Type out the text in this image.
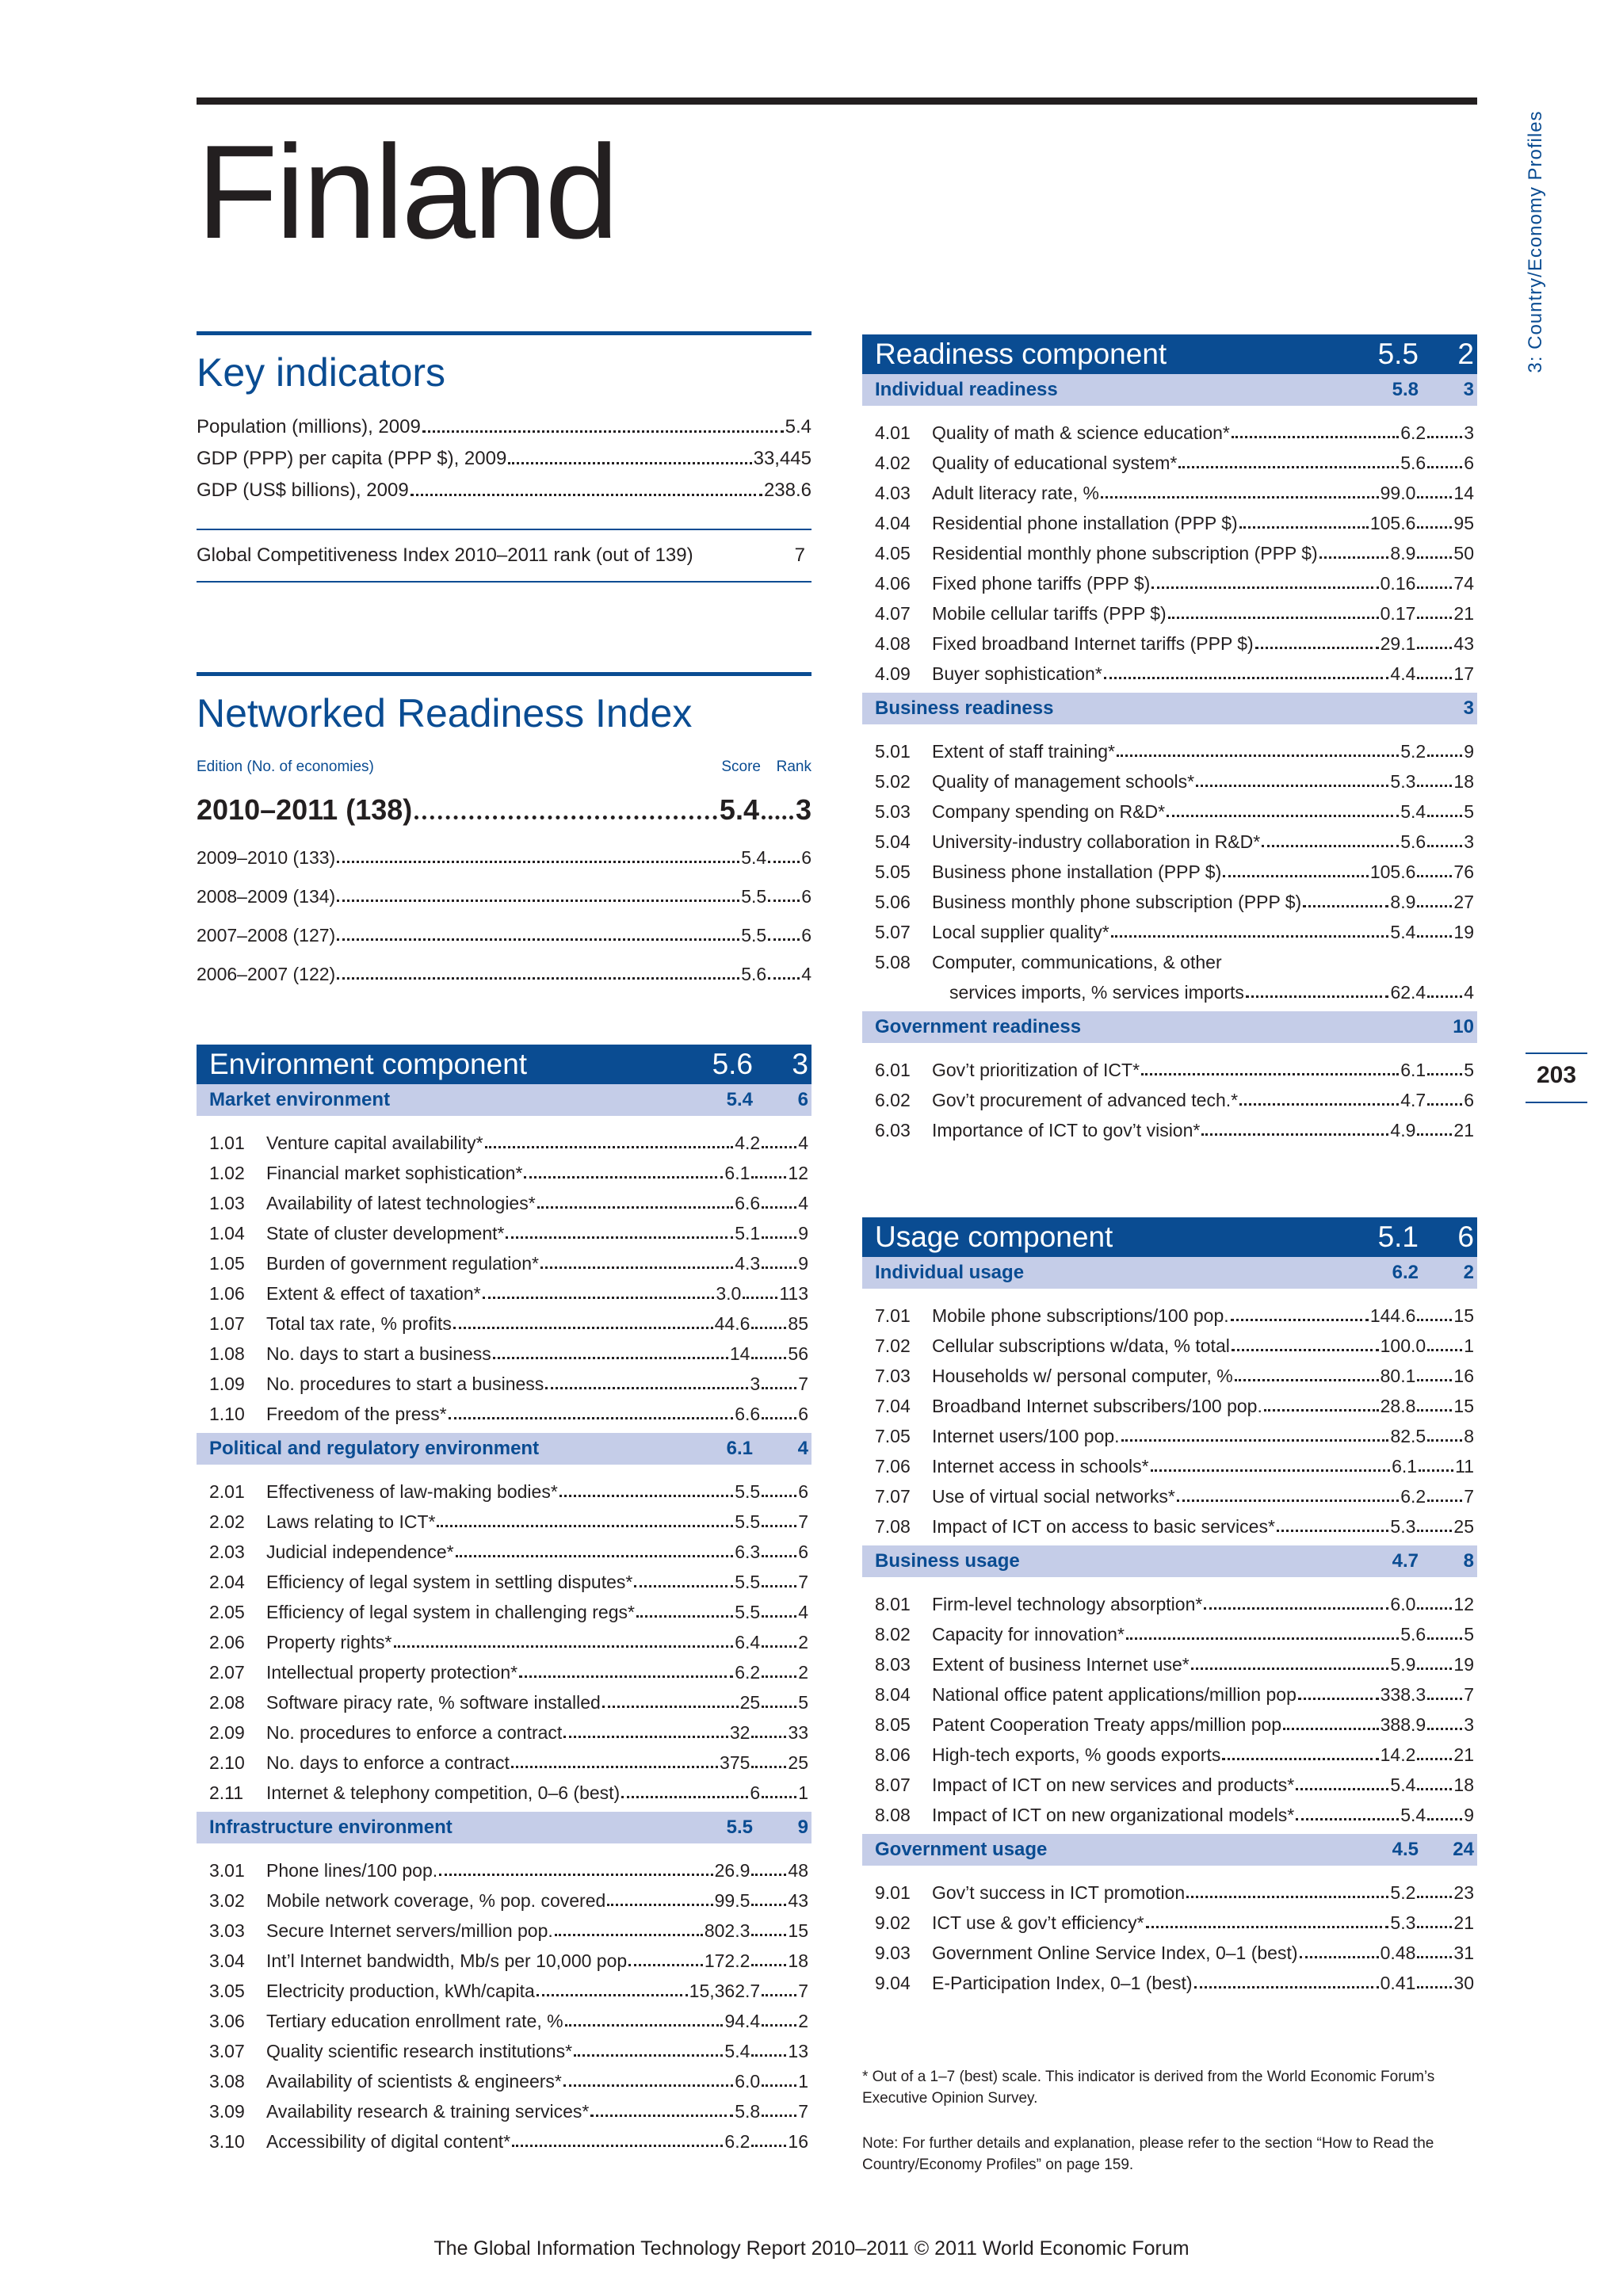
Finland	3: Country/Economy Profiles
203
Key indicators
Population (millions), 2009	5.4
GDP (PPP) per capita (PPP $), 2009	33,445
GDP (US$ billions), 2009	238.6
Global Competitiveness Index 2010–2011 rank (out of 139)	7
Networked Readiness Index
Edition (No. of economies)	Score	Rank
2010–2011 (138)	5.4 3
2009–2010 (133)	5.4 6
2008–2009 (134)	5.5 6
2007–2008 (127)	5.5 6
2006–2007 (122)	5.6 4
Environment component	5.6	3
Market environment	5.4	6
1.01	Venture capital availability*	4.2 4
1.02	Financial market sophistication*	6.1 12
1.03	Availability of latest technologies*	6.6 4
1.04	State of cluster development*	5.1 9
1.05	Burden of government regulation*	4.3 9
1.06	Extent & effect of taxation*	3.0 113
1.07	Total tax rate, % profits	44.6 85
1.08	No. days to start a business	14 56
1.09	No. procedures to start a business	3 7
1.10	Freedom of the press*	6.6 6
Political and regulatory environment	6.1	4
2.01	Effectiveness of law-making bodies*	5.5 6
2.02	Laws relating to ICT*	5.5 7
2.03	Judicial independence*	6.3 6
2.04	Efficiency of legal system in settling disputes*	5.5 7
2.05	Efficiency of legal system in challenging regs*	5.5 4
2.06	Property rights*	6.4 2
2.07	Intellectual property protection*	6.2 2
2.08	Software piracy rate, % software installed	25 5
2.09	No. procedures to enforce a contract	32 33
2.10	No. days to enforce a contract	375 25
2.11	Internet & telephony competition, 0–6 (best)	6 1
Infrastructure environment	5.5	9
3.01	Phone lines/100 pop.	26.9 48
3.02	Mobile network coverage, % pop. covered	99.5 43
3.03	Secure Internet servers/million pop.	802.3 15
3.04	Int’l Internet bandwidth, Mb/s per 10,000 pop	172.2 18
3.05	Electricity production, kWh/capita	15,362.7 7
3.06	Tertiary education enrollment rate, %	94.4 2
3.07	Quality scientific research institutions*	5.4 13
3.08	Availability of scientists & engineers*	6.0 1
3.09	Availability research & training services*	5.8 7
3.10	Accessibility of digital content*	6.2 16
Readiness component	5.5	2
Individual readiness	5.8	3
4.01	Quality of math & science education*	6.2 3
4.02	Quality of educational system*	5.6 6
4.03	Adult literacy rate, %	99.0 14
4.04	Residential phone installation (PPP $)	105.6 95
4.05	Residential monthly phone subscription (PPP $)	8.9 50
4.06	Fixed phone tariffs (PPP $)	0.16 74
4.07	Mobile cellular tariffs (PPP $)	0.17 21
4.08	Fixed broadband Internet tariffs (PPP $)	29.1 43
4.09	Buyer sophistication*	4.4 17
Business readiness	3
5.01	Extent of staff training*	5.2 9
5.02	Quality of management schools*	5.3 18
5.03	Company spending on R&D*	5.4 5
5.04	University-industry collaboration in R&D*	5.6 3
5.05	Business phone installation (PPP $)	105.6 76
5.06	Business monthly phone subscription (PPP $)	8.9 27
5.07	Local supplier quality*	5.4 19
5.08	Computer, communications, & other
services imports, % services imports	62.4 4
Government readiness	10
6.01	Gov’t prioritization of ICT*	6.1 5
6.02	Gov’t procurement of advanced tech.*	4.7 6
6.03	Importance of ICT to gov’t vision*	4.9 21
Usage component	5.1	6
Individual usage	6.2	2
7.01	Mobile phone subscriptions/100 pop.	144.6 15
7.02	Cellular subscriptions w/data, % total	100.0 1
7.03	Households w/ personal computer, %	80.1 16
7.04	Broadband Internet subscribers/100 pop.	28.8 15
7.05	Internet users/100 pop.	82.5 8
7.06	Internet access in schools*	6.1 11
7.07	Use of virtual social networks*	6.2 7
7.08	Impact of ICT on access to basic services*	5.3 25
Business usage	4.7	8
8.01	Firm-level technology absorption*	6.0 12
8.02	Capacity for innovation*	5.6 5
8.03	Extent of business Internet use*	5.9 19
8.04	National office patent applications/million pop	338.3 7
8.05	Patent Cooperation Treaty apps/million pop	388.9 3
8.06	High-tech exports, % goods exports	14.2 21
8.07	Impact of ICT on new services and products*	5.4 18
8.08	Impact of ICT on new organizational models*	5.4 9
Government usage	4.5	24
9.01	Gov’t success in ICT promotion	5.2 23
9.02	ICT use & gov’t efficiency*	5.3 21
9.03	Government Online Service Index, 0–1 (best)	0.48 31
9.04	E-Participation Index, 0–1 (best)	0.41 30
* Out of a 1–7 (best) scale. This indicator is derived from the World Economic Forum’s Executive Opinion Survey.
Note: For further details and explanation, please refer to the section “How to Read the Country/Economy Profiles” on page 159.
The Global Information Technology Report 2010–2011 © 2011 World Economic Forum
